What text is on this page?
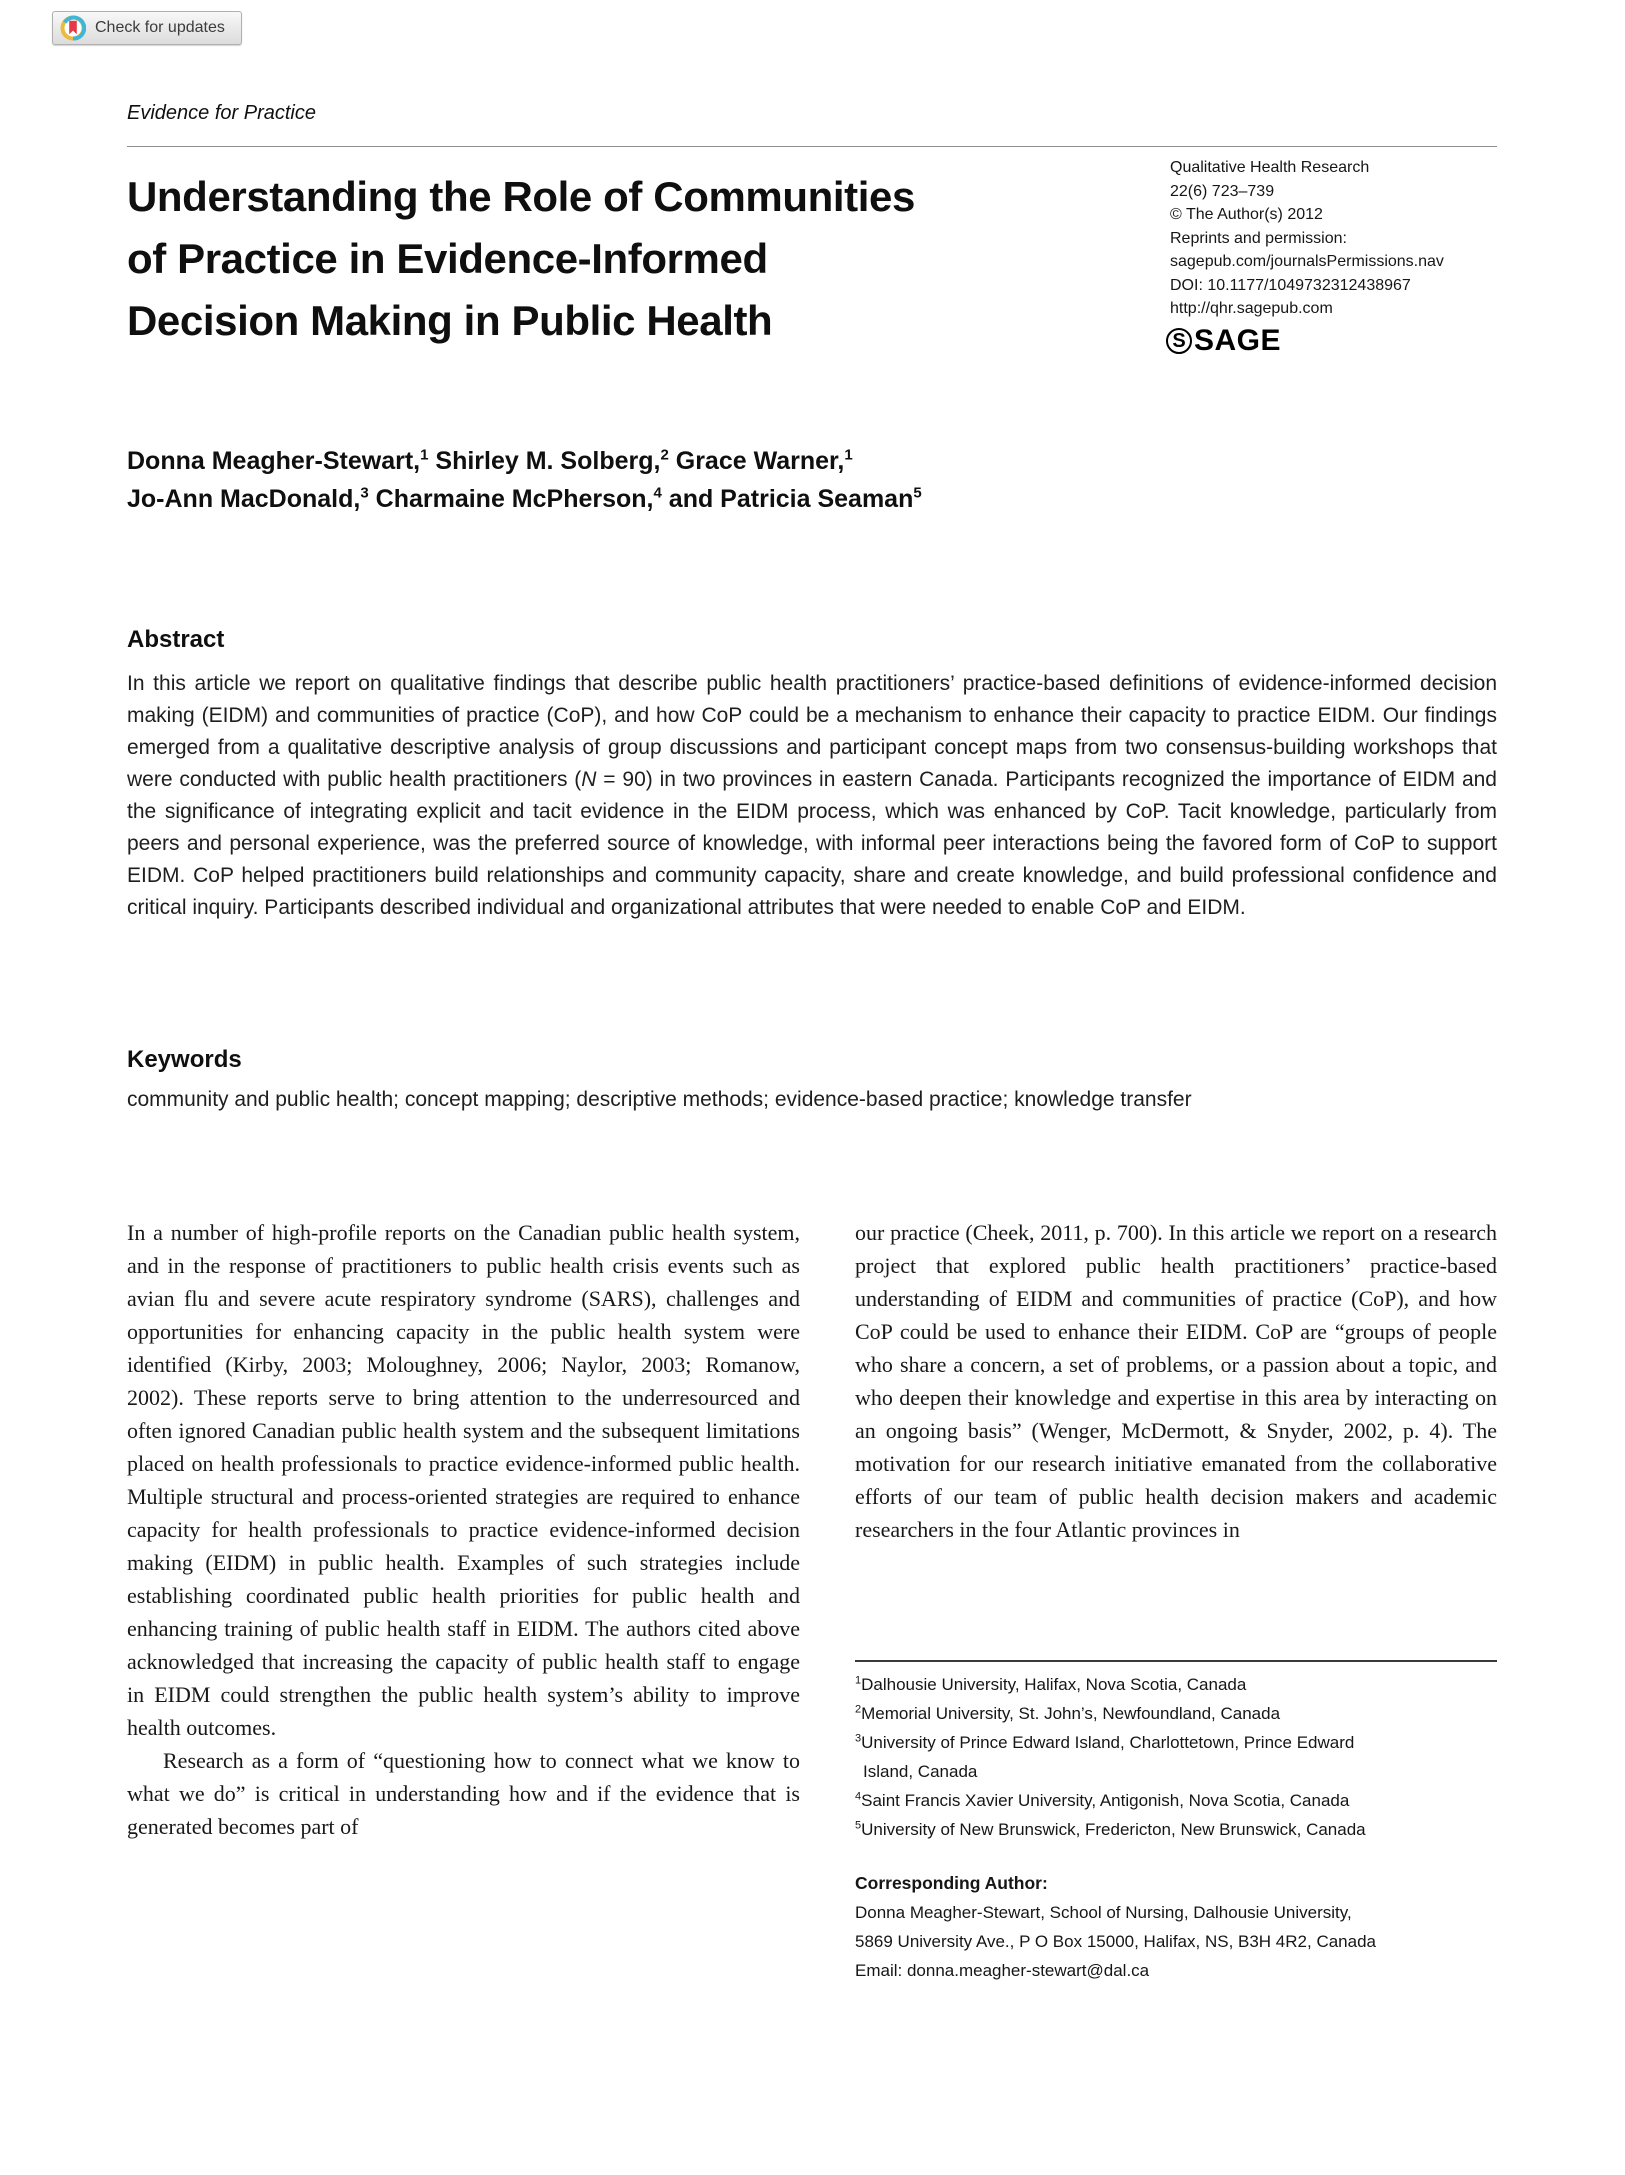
Check for updates
Evidence for Practice
Understanding the Role of Communities
of Practice in Evidence-Informed
Decision Making in Public Health
Qualitative Health Research
22(6) 723–739
© The Author(s) 2012
Reprints and permission:
sagepub.com/journalsPermissions.nav
DOI: 10.1177/1049732312438967
http://qhr.sagepub.com
S SAGE
Donna Meagher-Stewart,$^1$ Shirley M. Solberg,$^2$ Grace Warner,$^1$
Jo-Ann MacDonald,$^3$ Charmaine McPherson,$^4$ and Patricia Seaman$^5$
Abstract
In this article we report on qualitative findings that describe public health practitioners’ practice-based definitions of evidence-informed decision making (EIDM) and communities of practice (CoP), and how CoP could be a mechanism to enhance their capacity to practice EIDM. Our findings emerged from a qualitative descriptive analysis of group discussions and participant concept maps from two consensus-building workshops that were conducted with public health practitioners (N = 90) in two provinces in eastern Canada. Participants recognized the importance of EIDM and the significance of integrating explicit and tacit evidence in the EIDM process, which was enhanced by CoP. Tacit knowledge, particularly from peers and personal experience, was the preferred source of knowledge, with informal peer interactions being the favored form of CoP to support EIDM. CoP helped practitioners build relationships and community capacity, share and create knowledge, and build professional confidence and critical inquiry. Participants described individual and organizational attributes that were needed to enable CoP and EIDM.
Keywords
community and public health; concept mapping; descriptive methods; evidence-based practice; knowledge transfer

In a number of high-profile reports on the Canadian public health system, and in the response of practitioners to public health crisis events such as avian flu and severe acute respiratory syndrome (SARS), challenges and opportunities for enhancing capacity in the public health system were identified (Kirby, 2003; Moloughney, 2006; Naylor, 2003; Romanow, 2002). These reports serve to bring attention to the underresourced and often ignored Canadian public health system and the subsequent limitations placed on health professionals to practice evidence-informed public health. Multiple structural and process-oriented strategies are required to enhance capacity for health professionals to practice evidence-informed decision making (EIDM) in public health. Examples of such strategies include establishing coordinated public health priorities for public health and enhancing training of public health staff in EIDM. The authors cited above acknowledged that increasing the capacity of public health staff to engage in EIDM could strengthen the public health system’s ability to improve health outcomes.

Research as a form of “questioning how to connect what we know to what we do” is critical in understanding how and if the evidence that is generated becomes part of

our practice (Cheek, 2011, p. 700). In this article we report on a research project that explored public health practitioners’ practice-based understanding of EIDM and communities of practice (CoP), and how CoP could be used to enhance their EIDM. CoP are “groups of people who share a concern, a set of problems, or a passion about a topic, and who deepen their knowledge and expertise in this area by interacting on an ongoing basis” (Wenger, McDermott, & Snyder, 2002, p. 4). The motivation for our research initiative emanated from the collaborative efforts of our team of public health decision makers and academic researchers in the four Atlantic provinces in

$^1$Dalhousie University, Halifax, Nova Scotia, Canada
$^2$Memorial University, St. John’s, Newfoundland, Canada
$^3$University of Prince Edward Island, Charlottetown, Prince Edward
Island, Canada
$^4$Saint Francis Xavier University, Antigonish, Nova Scotia, Canada
$^5$University of New Brunswick, Fredericton, New Brunswick, Canada
Corresponding Author:
Donna Meagher-Stewart, School of Nursing, Dalhousie University,
5869 University Ave., P O Box 15000, Halifax, NS, B3H 4R2, Canada
Email: donna.meagher-stewart@dal.ca
